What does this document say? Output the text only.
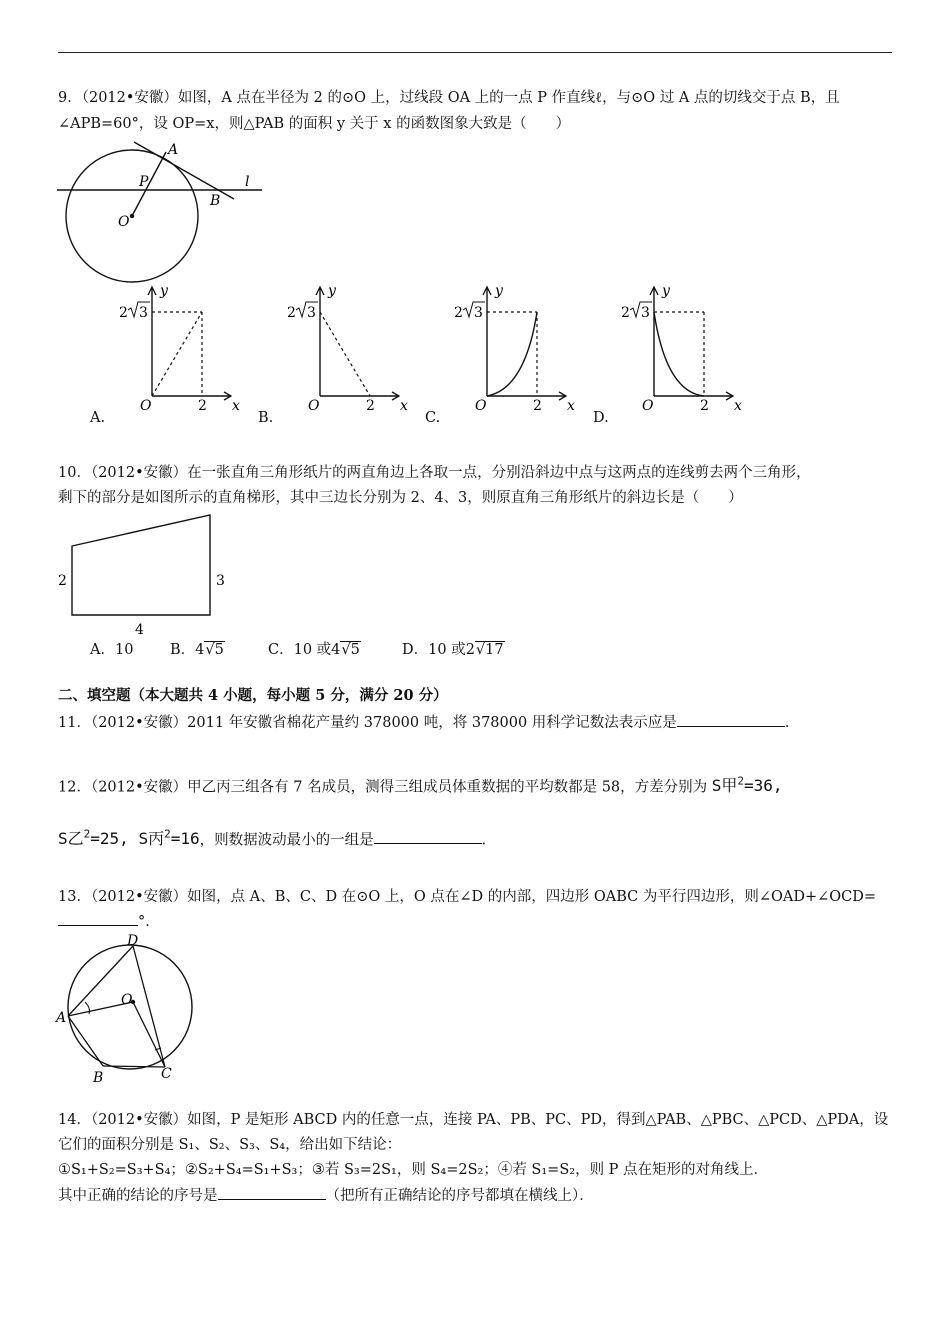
9．（2012•安徽）如图，A 点在半径为 2 的⊙O 上，过线段 OA 上的一点 P 作直线ℓ，与⊙O 过 A 点的切线交于点 B，且
∠APB=60°，设 OP=x，则△PAB 的面积 y 关于 x 的函数图象大致是（　　）
A
P
O
B
l
y
x
O	2
2 3
y
x
O	2
2 3
y
x
O	2
2 3
y
x
O	2
2 3
A.	B.	C.	D.
10．（2012•安徽）在一张直角三角形纸片的两直角边上各取一点，分别沿斜边中点与这两点的连线剪去两个三角形，
剩下的部分是如图所示的直角梯形，其中三边长分别为 2、4、3，则原直角三角形纸片的斜边长是（　　）
2	3
4
A．10	B．4√5	C．10 或4√5	D．10 或2√17
二、填空题（本大题共 4 小题，每小题 5 分，满分 20 分）
11．（2012•安徽）2011 年安徽省棉花产量约 378000 吨，将 378000 用科学记数法表示应是	．
12．（2012•安徽）甲乙丙三组各有 7 名成员，测得三组成员体重数据的平均数都是 58，方差分别为 S甲$^2$=36,
S乙$^2$=25, S丙$^2$=16，则数据波动最小的一组是	．
13．（2012•安徽）如图，点 A、B、C、D 在⊙O 上，O 点在∠D 的内部，四边形 OABC 为平行四边形，则∠OAD+∠OCD=
°．
D
O
A
B	C
14．（2012•安徽）如图，P 是矩形 ABCD 内的任意一点，连接 PA、PB、PC、PD，得到△PAB、△PBC、△PCD、△PDA，设
它们的面积分别是 S₁、S₂、S₃、S₄，给出如下结论：
①S₁+S₂=S₃+S₄；②S₂+S₄=S₁+S₃；③若 S₃=2S₁，则 S₄=2S₂；④若 S₁=S₂，则 P 点在矩形的对角线上．
其中正确的结论的序号是	（把所有正确结论的序号都填在横线上）．
